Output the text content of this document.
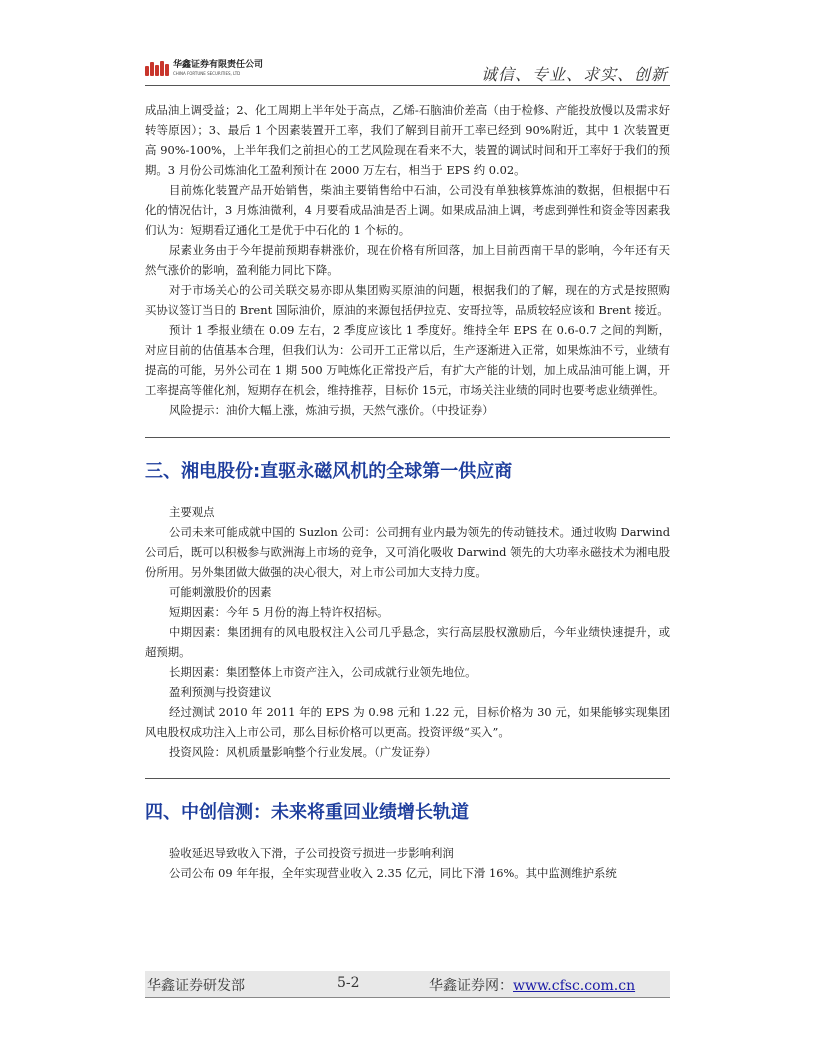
华鑫证券有限责任公司
CHINA FORTUNE SECURITIES, LTD	诚信、专业、求实、创新

成品油上调受益；2、化工周期上半年处于高点，乙烯-石脑油价差高（由于检修、产能投放慢以及需求好转等原因）；3、最后 1 个因素装置开工率，我们了解到目前开工率已经到 90%附近，其中 1 次装置更高 90%-100%，上半年我们之前担心的工艺风险现在看来不大，装置的调试时间和开工率好于我们的预期。3 月份公司炼油化工盈利预计在 2000 万左右，相当于 EPS 约 0.02。

目前炼化装置产品开始销售，柴油主要销售给中石油，公司没有单独核算炼油的数据，但根据中石化的情况估计，3 月炼油微利，4 月要看成品油是否上调。如果成品油上调，考虑到弹性和资金等因素我们认为：短期看辽通化工是优于中石化的 1 个标的。

尿素业务由于今年提前预期春耕涨价，现在价格有所回落，加上目前西南干旱的影响，今年还有天然气涨价的影响，盈利能力同比下降。

对于市场关心的公司关联交易亦即从集团购买原油的问题，根据我们的了解，现在的方式是按照购买协议签订当日的 Brent 国际油价，原油的来源包括伊拉克、安哥拉等，品质较轻应该和 Brent 接近。

预计 1 季报业绩在 0.09 左右，2 季度应该比 1 季度好。维持全年 EPS 在 0.6-0.7 之间的判断，对应目前的估值基本合理，但我们认为：公司开工正常以后，生产逐渐进入正常，如果炼油不亏，业绩有提高的可能，另外公司在 1 期 500 万吨炼化正常投产后，有扩大产能的计划，加上成品油可能上调，开工率提高等催化剂，短期存在机会，维持推荐，目标价 15元，市场关注业绩的同时也要考虑业绩弹性。

风险提示：油价大幅上涨，炼油亏损，天然气涨价。（中投证券）

三、湘电股份:直驱永磁风机的全球第一供应商

主要观点

公司未来可能成就中国的 Suzlon 公司：公司拥有业内最为领先的传动链技术。通过收购 Darwind 公司后，既可以积极参与欧洲海上市场的竞争，又可消化吸收 Darwind 领先的大功率永磁技术为湘电股份所用。另外集团做大做强的决心很大，对上市公司加大支持力度。

可能刺激股价的因素

短期因素：今年 5 月份的海上特许权招标。

中期因素：集团拥有的风电股权注入公司几乎悬念，实行高层股权激励后，今年业绩快速提升，或超预期。

长期因素：集团整体上市资产注入，公司成就行业领先地位。

盈利预测与投资建议

经过测试 2010 年 2011 年的 EPS 为 0.98 元和 1.22 元，目标价格为 30 元，如果能够实现集团风电股权成功注入上市公司，那么目标价格可以更高。投资评级“买入”。

投资风险：风机质量影响整个行业发展。（广发证券）

四、中创信测：未来将重回业绩增长轨道

验收延迟导致收入下滑，子公司投资亏损进一步影响利润

公司公布 09 年年报，全年实现营业收入 2.35 亿元，同比下滑 16%。其中监测维护系统

华鑫证券研发部	5-2	华鑫证券网：www.cfsc.com.cn
